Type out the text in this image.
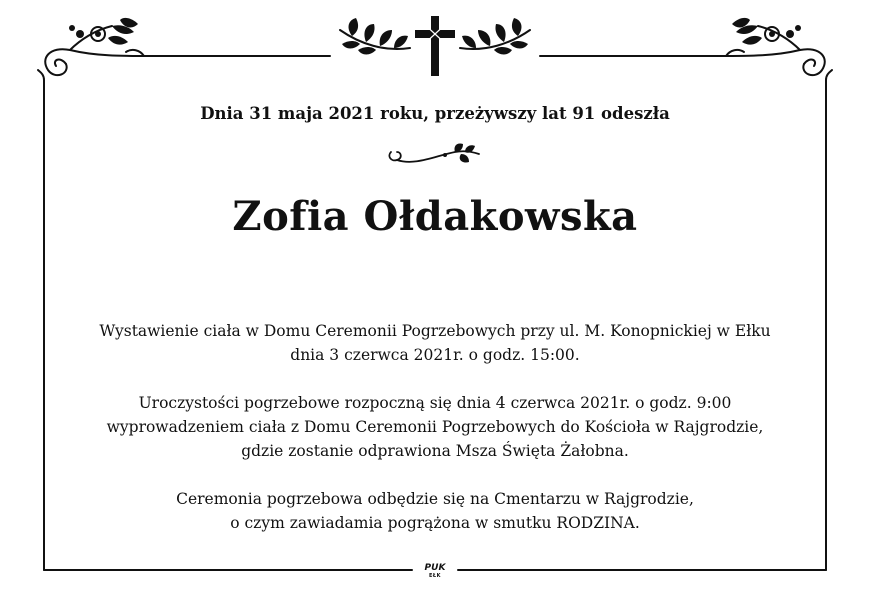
Dnia 31 maja 2021 roku, przeżywszy lat 91 odeszła
Zofia Ołdakowska
Wystawienie ciała w Domu Ceremonii Pogrzebowych przy ul. M. Konopnickiej w Ełku
dnia 3 czerwca 2021r. o godz. 15:00.
Uroczystości pogrzebowe rozpoczną się dnia 4 czerwca 2021r. o godz. 9:00
wyprowadzeniem ciała z Domu Ceremonii Pogrzebowych do Kościoła w Rajgrodzie,
gdzie zostanie odprawiona Msza Święta Żałobna.
Ceremonia pogrzebowa odbędzie się na Cmentarzu w Rajgrodzie,
o czym zawiadamia pogrążona w smutku RODZINA.
PUK
EŁK
